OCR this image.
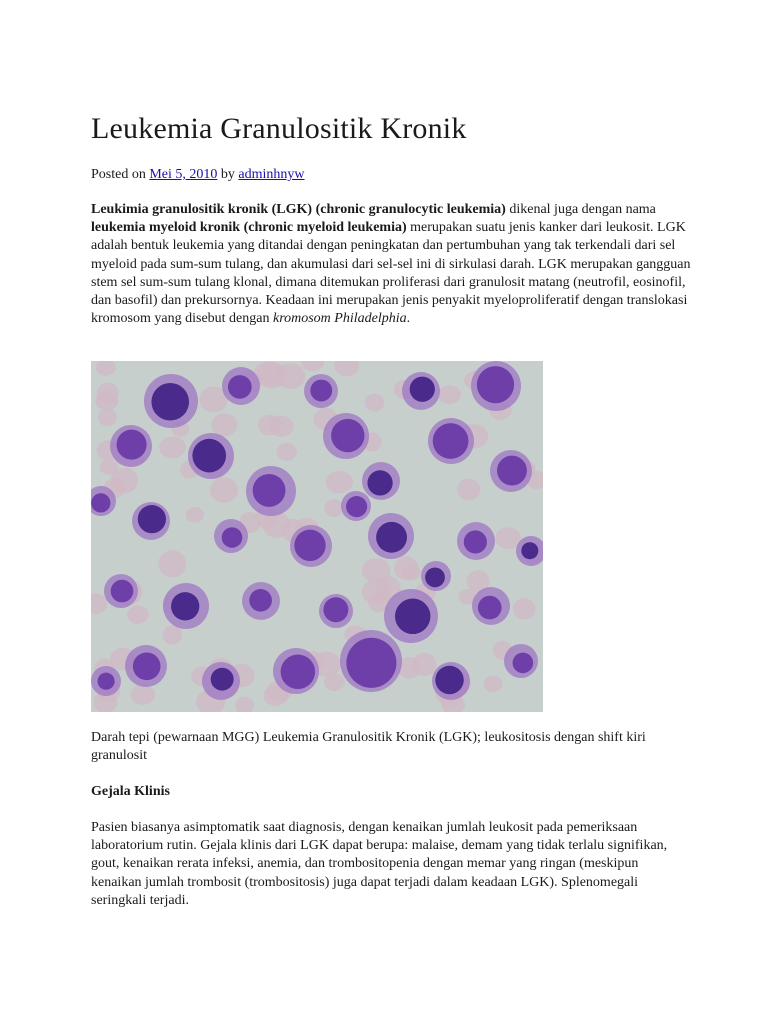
Leukemia Granulositik Kronik
Posted on Mei 5, 2010 by adminhnyw

Leukimia granulositik kronik (LGK) (chronic granulocytic leukemia) dikenal juga dengan nama leukemia myeloid kronik (chronic myeloid leukemia) merupakan suatu jenis kanker dari leukosit. LGK adalah bentuk leukemia yang ditandai dengan peningkatan dan pertumbuhan yang tak terkendali dari sel myeloid pada sum-sum tulang, dan akumulasi dari sel-sel ini di sirkulasi darah. LGK merupakan gangguan stem sel sum-sum tulang klonal, dimana ditemukan proliferasi dari granulosit matang (neutrofil, eosinofil, dan basofil) dan prekursornya. Keadaan ini merupakan jenis penyakit myeloproliferatif dengan translokasi kromosom yang disebut dengan kromosom Philadelphia.

Darah tepi (pewarnaan MGG) Leukemia Granulositik Kronik (LGK); leukositosis dengan shift kiri granulosit

Gejala Klinis

Pasien biasanya asimptomatik saat diagnosis, dengan kenaikan jumlah leukosit pada pemeriksaan laboratorium rutin. Gejala klinis dari LGK dapat berupa: malaise, demam yang tidak terlalu signifikan, gout, kenaikan rerata infeksi, anemia, dan trombositopenia dengan memar yang ringan (meskipun kenaikan jumlah trombosit (trombositosis) juga dapat terjadi dalam keadaan LGK). Splenomegali seringkali terjadi.
